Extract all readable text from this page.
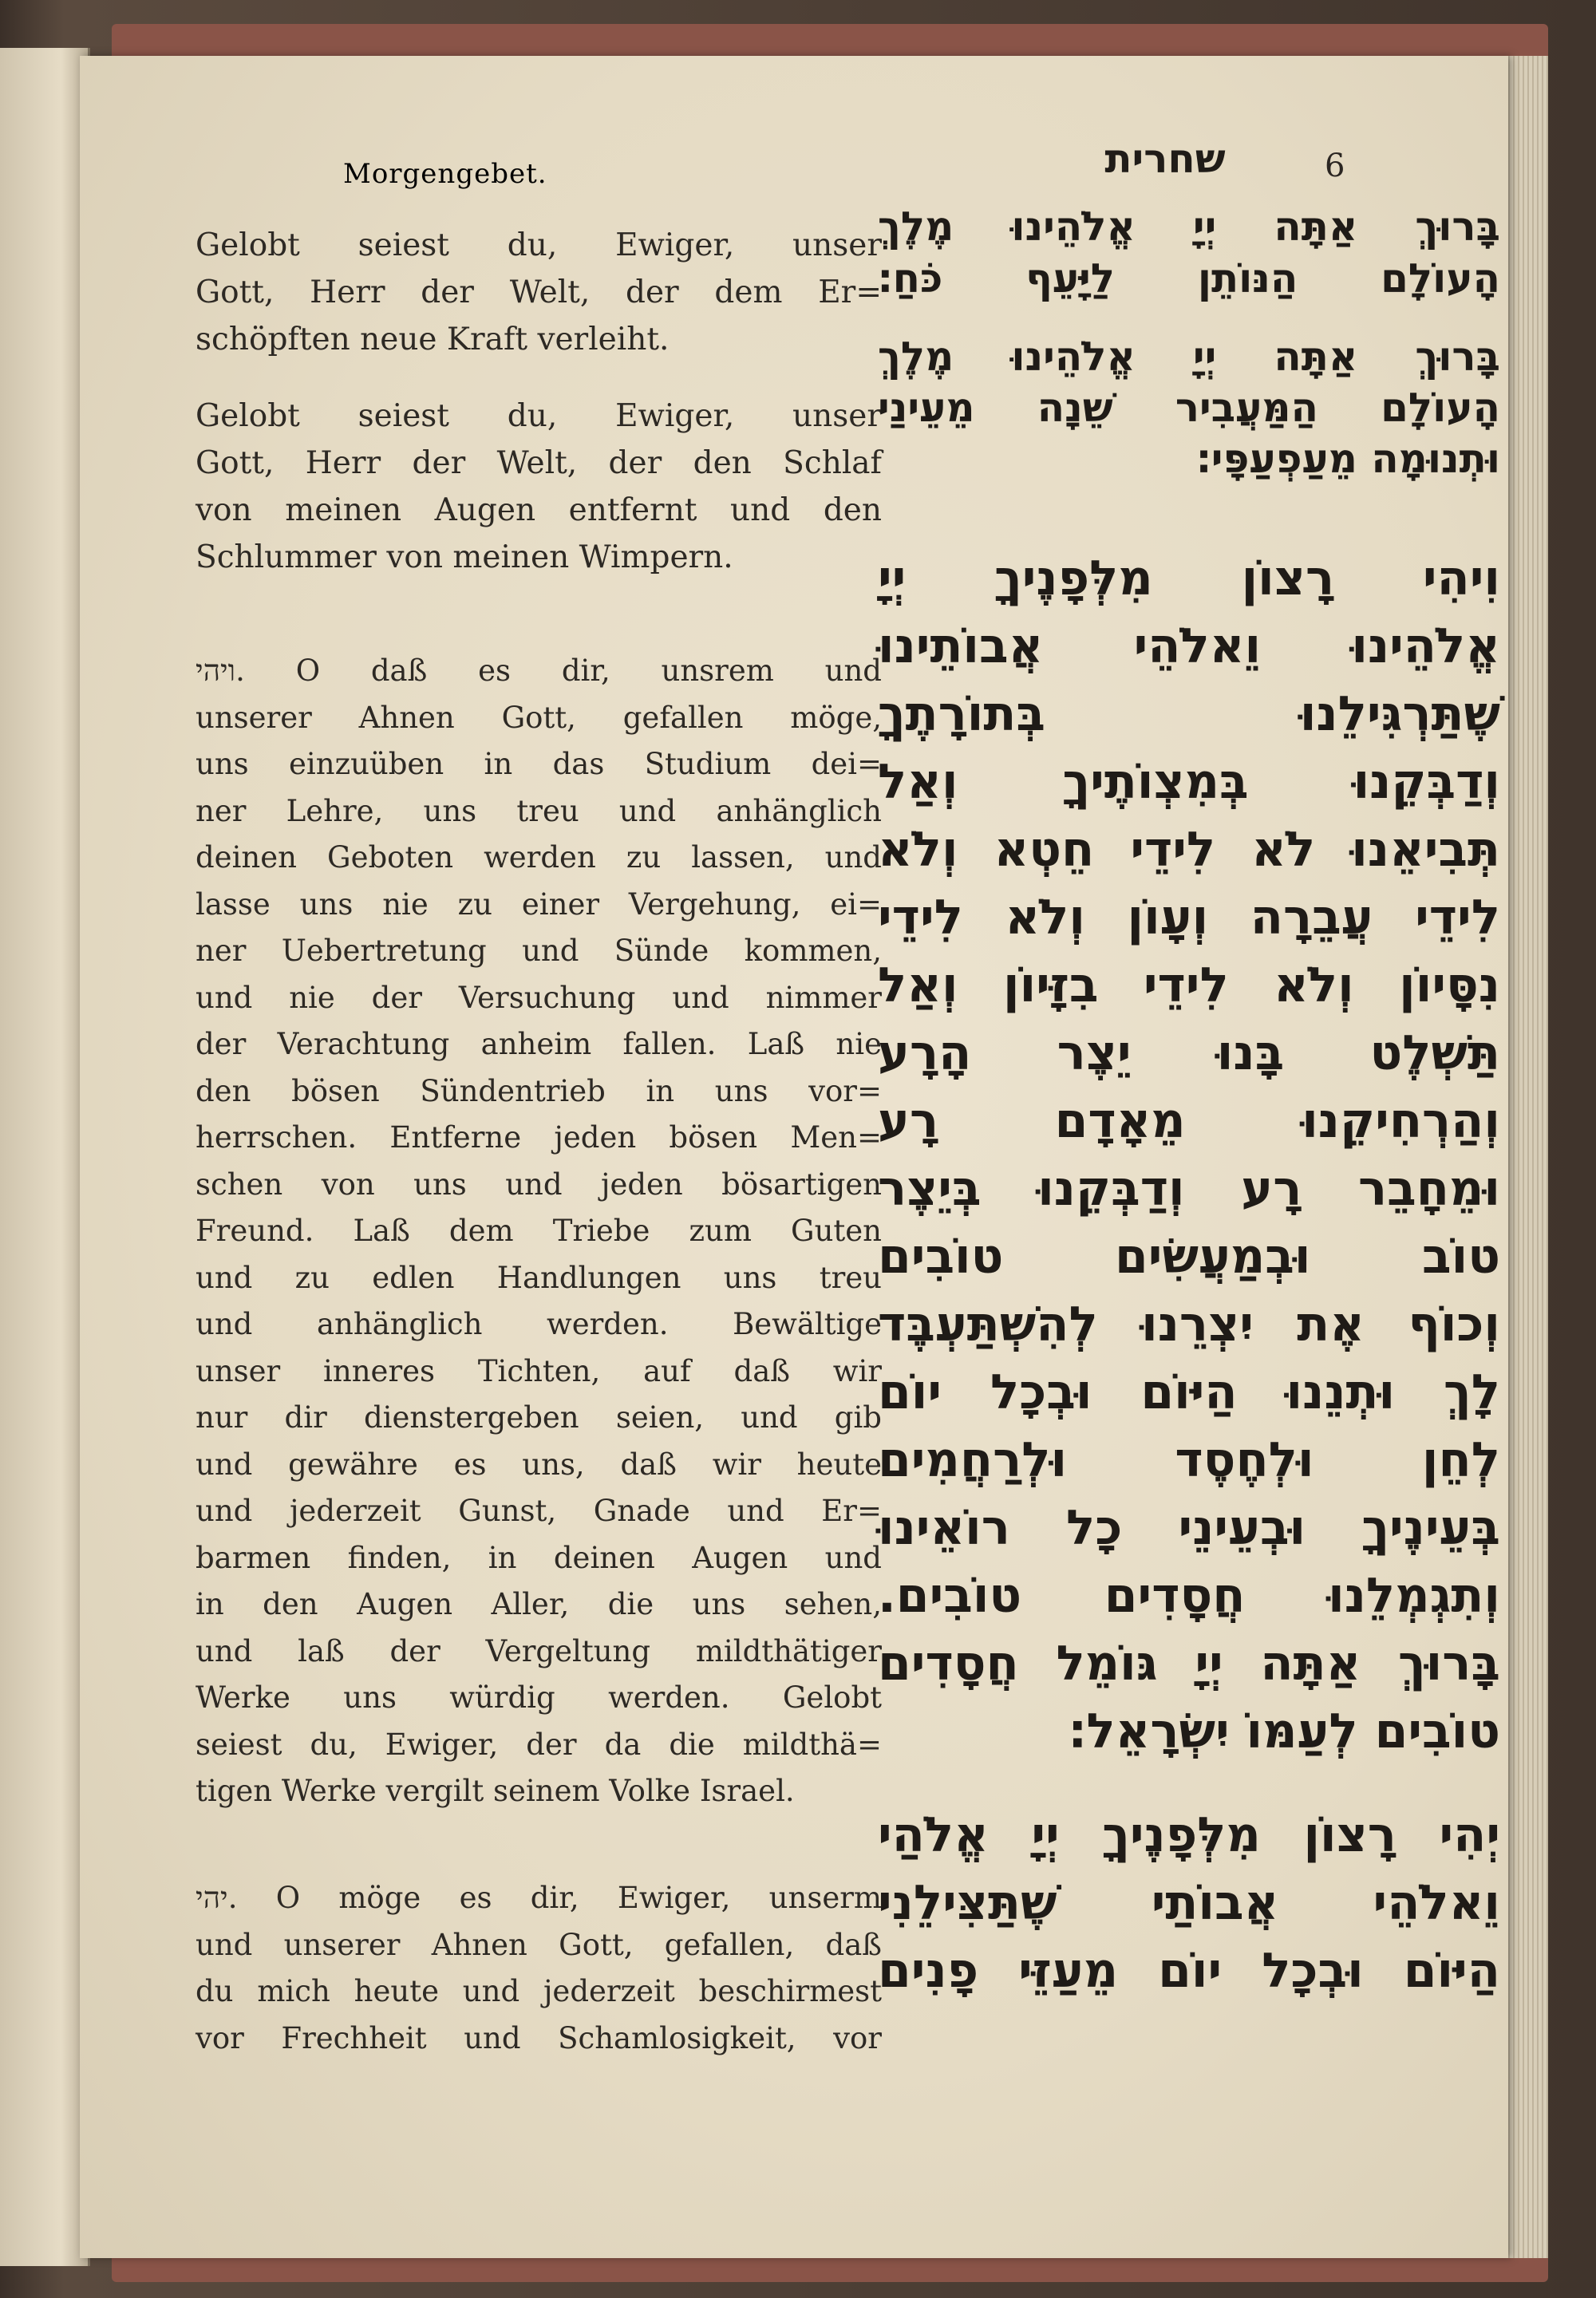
Morgengebet.	שחרית	6

Gelobt seiest du, Ewiger, unser
Gott, Herr der Welt, der dem Er=
schöpften neue Kraft verleiht.

Gelobt seiest du, Ewiger, unser
Gott, Herr der Welt, der den Schlaf
von meinen Augen entfernt und den
Schlummer von meinen Wimpern.

ויהי. O daß es dir, unsrem und
unserer Ahnen Gott, gefallen möge,
uns einzuüben in das Studium dei=
ner Lehre, uns treu und anhänglich
deinen Geboten werden zu lassen, und
lasse uns nie zu einer Vergehung, ei=
ner Uebertretung und Sünde kommen,
und nie der Versuchung und nimmer
der Verachtung anheim fallen. Laß nie
den bösen Sündentrieb in uns vor=
herrschen. Entferne jeden bösen Men=
schen von uns und jeden bösartigen
Freund. Laß dem Triebe zum Guten
und zu edlen Handlungen uns treu
und anhänglich werden. Bewältige
unser inneres Tichten, auf daß wir
nur dir dienstergeben seien, und gib
und gewähre es uns, daß wir heute
und jederzeit Gunst, Gnade und Er=
barmen finden, in deinen Augen und
in den Augen Aller, die uns sehen,
und laß der Vergeltung mildthätiger
Werke uns würdig werden. Gelobt
seiest du, Ewiger, der da die mildthä=
tigen Werke vergilt seinem Volke Israel.

יהי. O möge es dir, Ewiger, unserm
und unserer Ahnen Gott, gefallen, daß
du mich heute und jederzeit beschirmest
vor Frechheit und Schamlosigkeit, vor

בָּרוּךְ אַתָּה יְיָ אֱלֹהֵינוּ מֶלֶךְ
הָעוֹלָם הַנּוֹתֵן לַיָּעֵף כֹּחַ׃
בָּרוּךְ אַתָּה יְיָ אֱלֹהֵינוּ מֶלֶךְ
הָעוֹלָם הַמַּעֲבִיר שֵׁנָה מֵעֵינַי
וּתְנוּמָה מֵעַפְעַפָּי׃
וִיהִי רָצוֹן מִלְּפָנֶיךָ יְיָ
אֱלֹהֵינוּ וֵאלֹהֵי אֲבוֹתֵינוּ
שֶׁתַּרְגִּילֵנוּ בְּתוֹרָתֶךָ
וְדַבְּקֵנוּ בְּמִצְוֹתֶיךָ וְאַל
תְּבִיאֵנוּ לֹא לִידֵי חֵטְא וְלֹא
לִידֵי עֲבֵרָה וְעָוֹן וְלֹא לִידֵי
נִסָּיוֹן וְלֹא לִידֵי בִזָּיוֹן וְאַל
תַּשְׁלֶט בָּנוּ יֵצֶר הָרָע
וְהַרְחִיקֵנוּ מֵאָדָם רָע
וּמֵחָבֵר רָע וְדַבְּקֵנוּ בְּיֵצֶר
טוֹב וּבְמַעֲשִׂים טוֹבִים
וְכוֹף אֶת יִצְרֵנוּ לְהִשְׁתַּעְבֶּד
לָךְ וּתְנֵנוּ הַיּוֹם וּבְכָל יוֹם
לְחֵן וּלְחֶסֶד וּלְרַחֲמִים
בְּעֵינֶיךָ וּבְעֵינֵי כָל רוֹאֵינוּ
וְתִגְמְלֵנוּ חֲסָדִים טוֹבִים.
בָּרוּךְ אַתָּה יְיָ גּוֹמֵל חֲסָדִים
טוֹבִים לְעַמּוֹ יִשְׂרָאֵל׃
יְהִי רָצוֹן מִלְּפָנֶיךָ יְיָ אֱלֹהַי
וֵאלֹהֵי אֲבוֹתַי שֶׁתַּצִּילֵנִי
הַיּוֹם וּבְכָל יוֹם מֵעַזֵּי פָנִים
